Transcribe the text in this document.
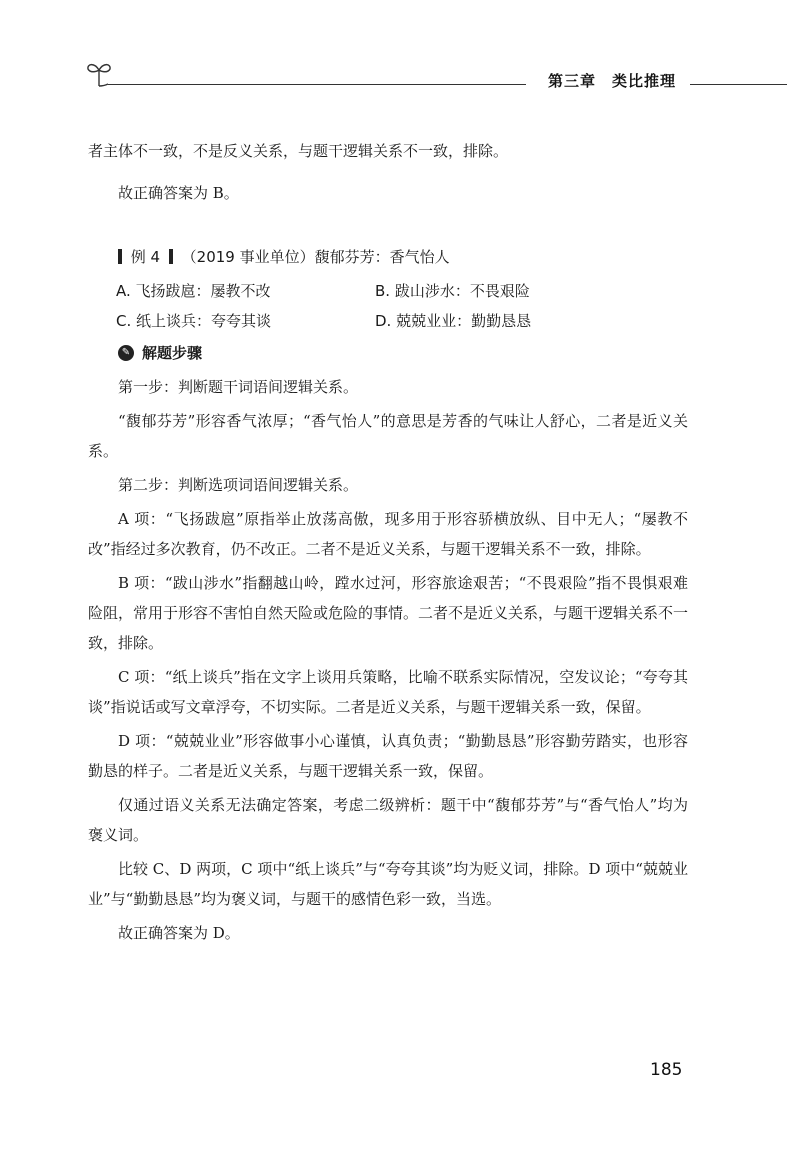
第三章 类比推理

者主体不一致，不是反义关系，与题干逻辑关系不一致，排除。

故正确答案为 B。

例 4 （2019 事业单位）馥郁芬芳：香气怡人
A. 飞扬跋扈：屡教不改	B. 跋山涉水：不畏艰险
C. 纸上谈兵：夸夸其谈	D. 兢兢业业：勤勤恳恳
✎ 解题步骤

第一步：判断题干词语间逻辑关系。

“馥郁芬芳”形容香气浓厚；“香气怡人”的意思是芳香的气味让人舒心，二者是近义关系。

第二步：判断选项词语间逻辑关系。

A 项：“飞扬跋扈”原指举止放荡高傲，现多用于形容骄横放纵、目中无人；“屡教不改”指经过多次教育，仍不改正。二者不是近义关系，与题干逻辑关系不一致，排除。

B 项：“跋山涉水”指翻越山岭，蹚水过河，形容旅途艰苦；“不畏艰险”指不畏惧艰难险阻，常用于形容不害怕自然天险或危险的事情。二者不是近义关系，与题干逻辑关系不一致，排除。

C 项：“纸上谈兵”指在文字上谈用兵策略，比喻不联系实际情况，空发议论；“夸夸其谈”指说话或写文章浮夸，不切实际。二者是近义关系，与题干逻辑关系一致，保留。

D 项：“兢兢业业”形容做事小心谨慎，认真负责；“勤勤恳恳”形容勤劳踏实，也形容勤恳的样子。二者是近义关系，与题干逻辑关系一致，保留。

仅通过语义关系无法确定答案，考虑二级辨析：题干中“馥郁芬芳”与“香气怡人”均为褒义词。

比较 C、D 两项，C 项中“纸上谈兵”与“夸夸其谈”均为贬义词，排除。D 项中“兢兢业业”与“勤勤恳恳”均为褒义词，与题干的感情色彩一致，当选。

故正确答案为 D。

185
